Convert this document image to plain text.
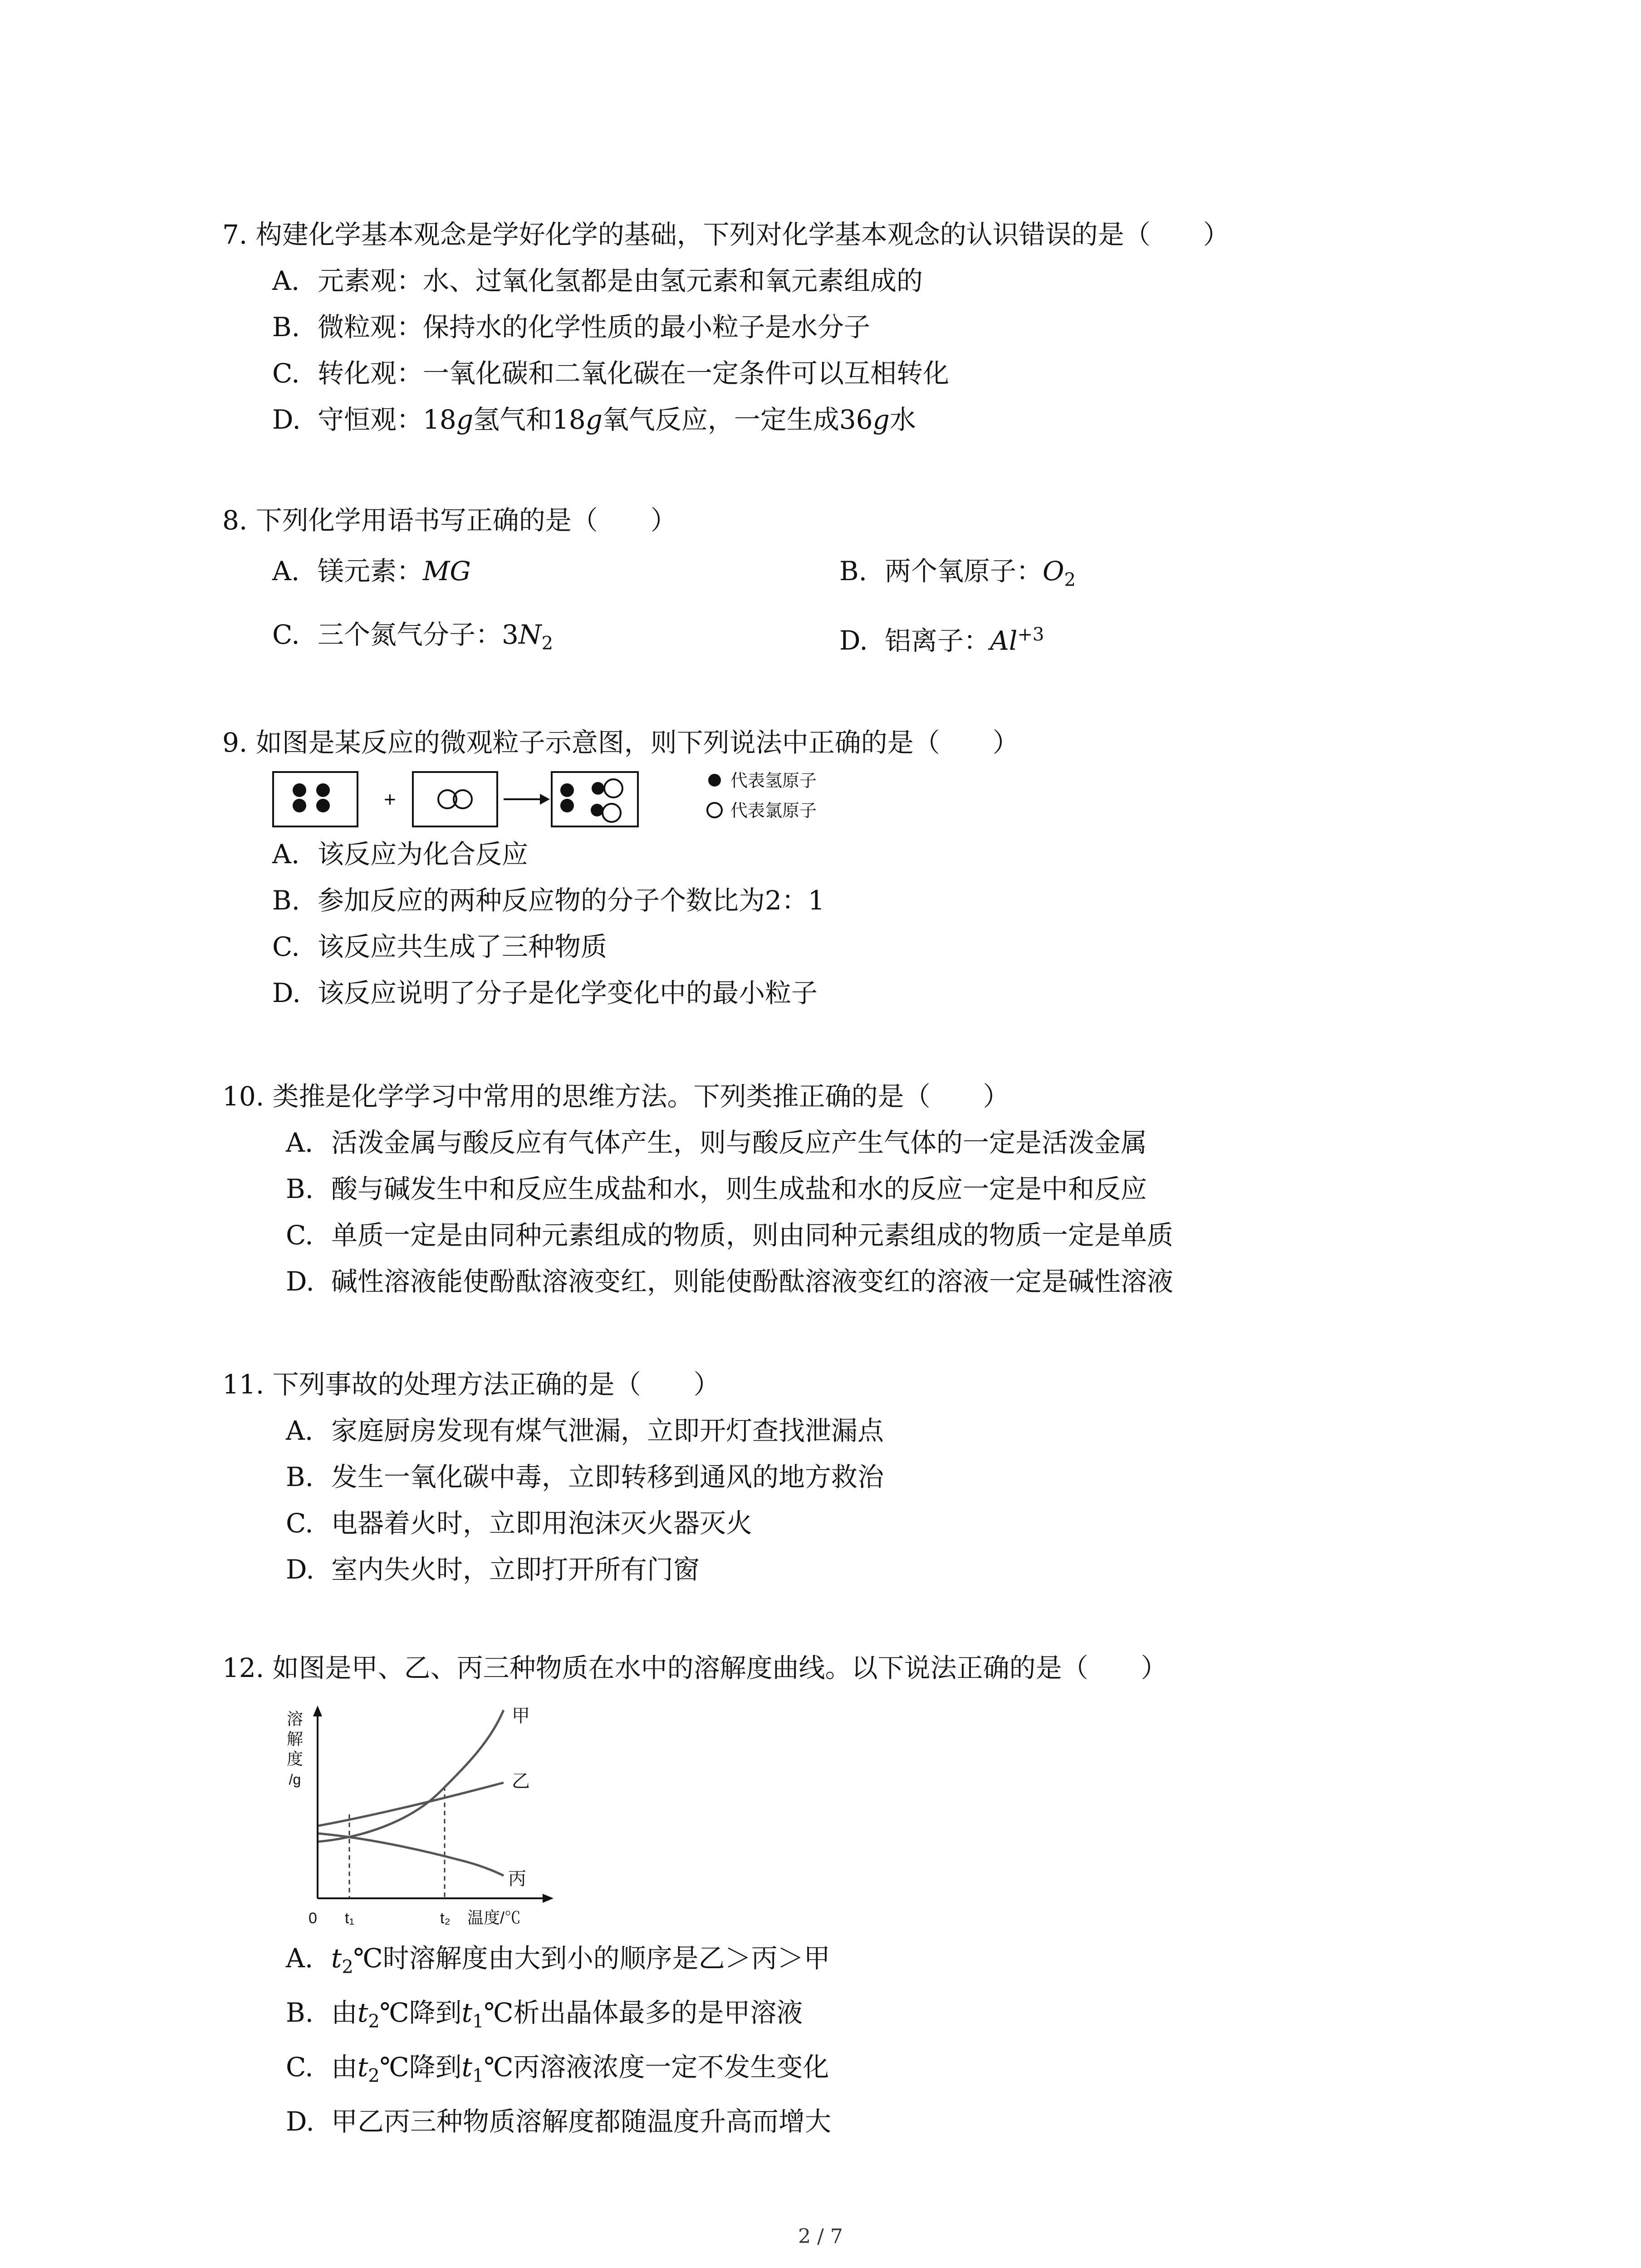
7. 构建化学基本观念是学好化学的基础，下列对化学基本观念的认识错误的是（　　）
A. 元素观：水、过氧化氢都是由氢元素和氧元素组成的
B. 微粒观：保持水的化学性质的最小粒子是水分子
C. 转化观：一氧化碳和二氧化碳在一定条件可以互相转化
D. 守恒观：18g氢气和18g氧气反应，一定生成36g水
8. 下列化学用语书写正确的是（　　）
A. 镁元素：MG	B. 两个氧原子：$O_2$
C. 三个氮气分子：$3N_2$	D. 铝离子：$Al^{+3}$
9. 如图是某反应的微观粒子示意图，则下列说法中正确的是（　　）
+
代表氢原子
代表氯原子
A. 该反应为化合反应
B. 参加反应的两种反应物的分子个数比为2：1
C. 该反应共生成了三种物质
D. 该反应说明了分子是化学变化中的最小粒子
10. 类推是化学学习中常用的思维方法。下列类推正确的是（　　）
A. 活泼金属与酸反应有气体产生，则与酸反应产生气体的一定是活泼金属
B. 酸与碱发生中和反应生成盐和水，则生成盐和水的反应一定是中和反应
C. 单质一定是由同种元素组成的物质，则由同种元素组成的物质一定是单质
D. 碱性溶液能使酚酞溶液变红，则能使酚酞溶液变红的溶液一定是碱性溶液
11. 下列事故的处理方法正确的是（　　）
A. 家庭厨房发现有煤气泄漏，立即开灯查找泄漏点
B. 发生一氧化碳中毒，立即转移到通风的地方救治
C. 电器着火时，立即用泡沫灭火器灭火
D. 室内失火时，立即打开所有门窗
12. 如图是甲、乙、丙三种物质在水中的溶解度曲线。以下说法正确的是（　　）
溶
解
度
/g
甲
乙
丙
0 t₁	t₂ 温度/℃
A. $t_2℃$时溶解度由大到小的顺序是乙＞丙＞甲
B. 由$t_2℃$降到$t_1℃$析出晶体最多的是甲溶液
C. 由$t_2℃$降到$t_1℃$丙溶液浓度一定不发生变化
D. 甲乙丙三种物质溶解度都随温度升高而增大
2 / 7
